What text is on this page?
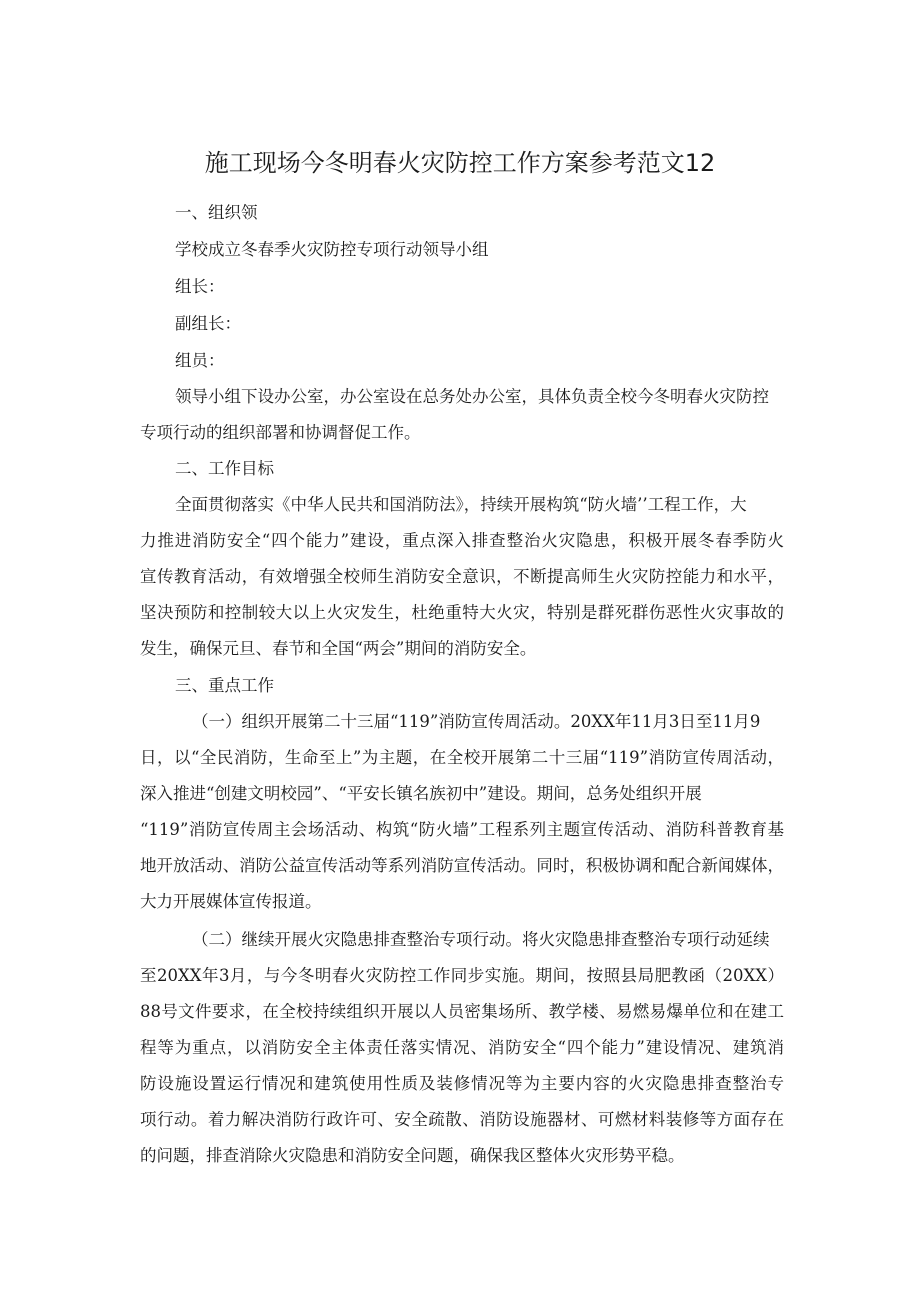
施工现场今冬明春火灾防控工作方案参考范文12
一、组织领
学校成立冬春季火灾防控专项行动领导小组
组长：
副组长：
组员：
领导小组下设办公室，办公室设在总务处办公室，具体负责全校今冬明春火灾防控
专项行动的组织部署和协调督促工作。
二、工作目标
全面贯彻落实《中华人民共和国消防法》，持续开展构筑“防火墙’’工程工作，大
力推进消防安全“四个能力”建设，重点深入排查整治火灾隐患，积极开展冬春季防火
宣传教育活动，有效增强全校师生消防安全意识，不断提高师生火灾防控能力和水平，
坚决预防和控制较大以上火灾发生，杜绝重特大火灾，特别是群死群伤恶性火灾事故的
发生，确保元旦、春节和全国“两会”期间的消防安全。
三、重点工作
（一）组织开展第二十三届“119”消防宣传周活动。20XX年11月3日至11月9
日，以“全民消防，生命至上”为主题，在全校开展第二十三届“119”消防宣传周活动，
深入推进“创建文明校园”、“平安长镇名族初中”建设。期间，总务处组织开展
“119”消防宣传周主会场活动、构筑“防火墙”工程系列主题宣传活动、消防科普教育基
地开放活动、消防公益宣传活动等系列消防宣传活动。同时，积极协调和配合新闻媒体，
大力开展媒体宣传报道。
（二）继续开展火灾隐患排查整治专项行动。将火灾隐患排查整治专项行动延续
至20XX年3月，与今冬明春火灾防控工作同步实施。期间，按照县局肥教函（20XX）
88号文件要求，在全校持续组织开展以人员密集场所、教学楼、易燃易爆单位和在建工
程等为重点，以消防安全主体责任落实情况、消防安全“四个能力”建设情况、建筑消
防设施设置运行情况和建筑使用性质及装修情况等为主要内容的火灾隐患排查整治专
项行动。着力解决消防行政许可、安全疏散、消防设施器材、可燃材料装修等方面存在
的问题，排查消除火灾隐患和消防安全问题，确保我区整体火灾形势平稳。
